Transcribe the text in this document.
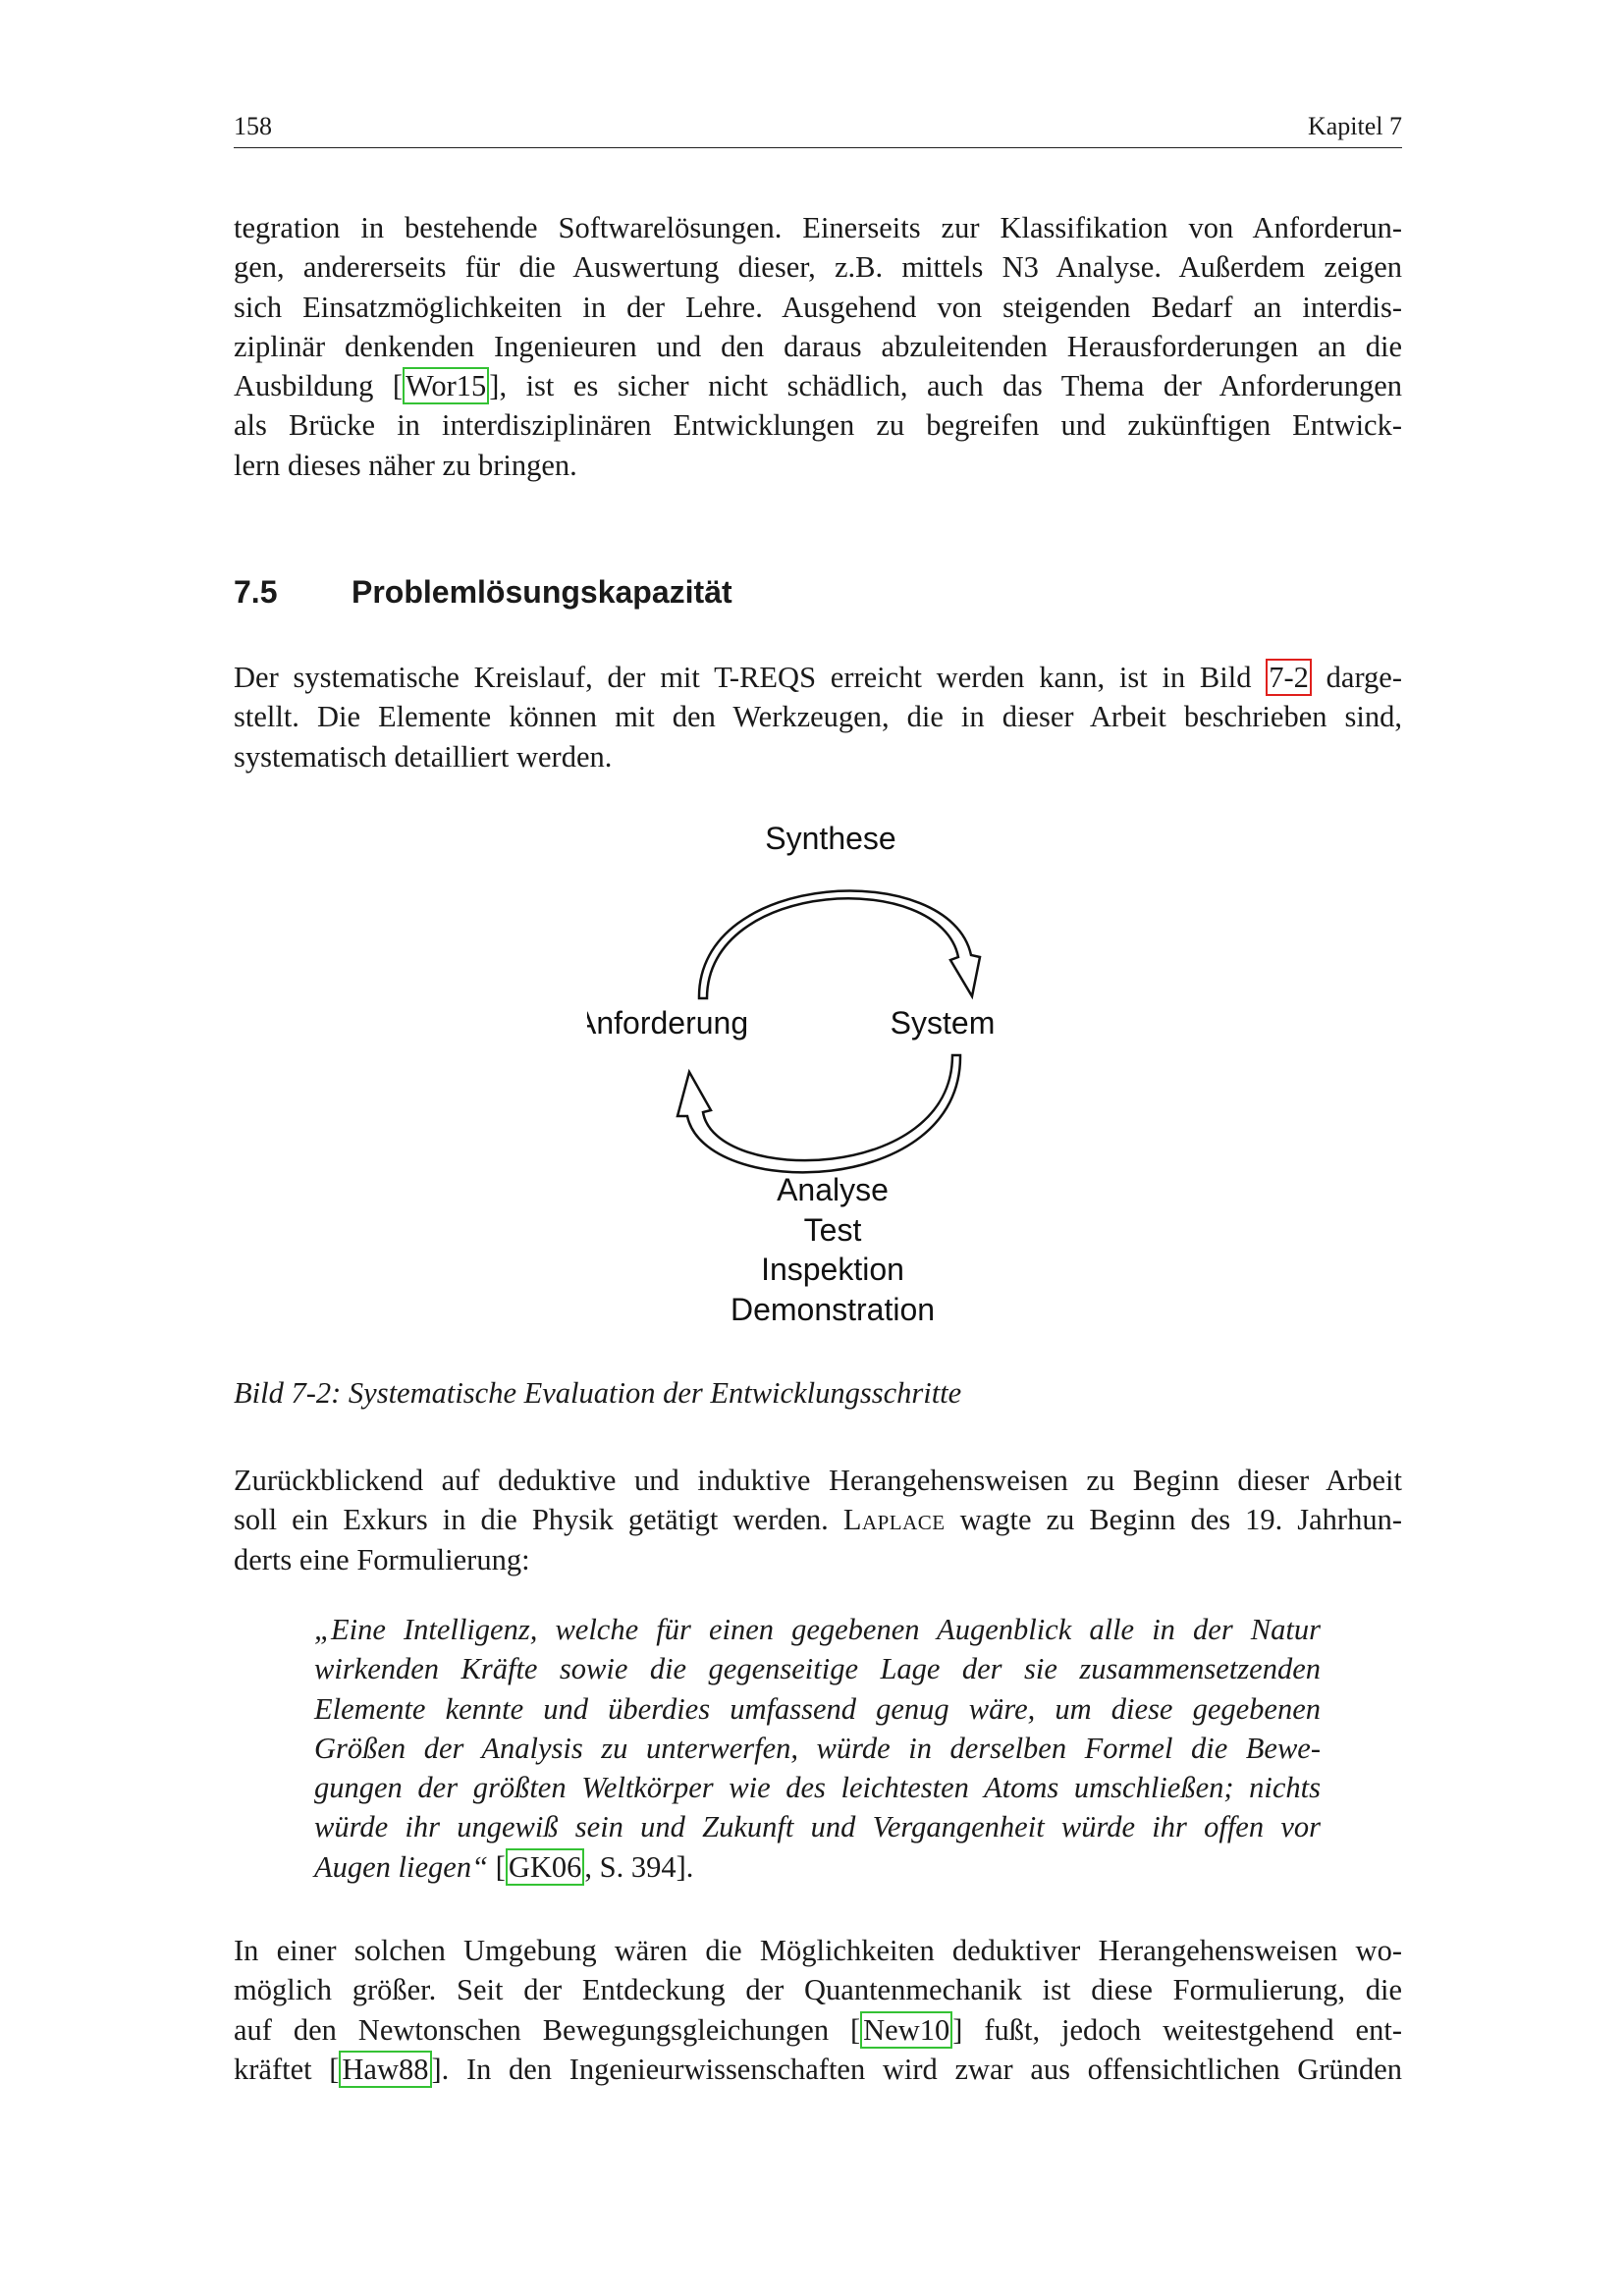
158	Kapitel 7

tegration in bestehende Softwarelösungen. Einerseits zur Klassifikation von Anforderun-
gen, andererseits für die Auswertung dieser, z.B. mittels N3 Analyse. Außerdem zeigen
sich Einsatzmöglichkeiten in der Lehre. Ausgehend von steigenden Bedarf an interdis-
ziplinär denkenden Ingenieuren und den daraus abzuleitenden Herausforderungen an die
Ausbildung [Wor15], ist es sicher nicht schädlich, auch das Thema der Anforderungen
als Brücke in interdisziplinären Entwicklungen zu begreifen und zukünftigen Entwick-
lern dieses näher zu bringen.

7.5 Problemlösungskapazität

Der systematische Kreislauf, der mit T-REQS erreicht werden kann, ist in Bild 7-2 darge-
stellt. Die Elemente können mit den Werkzeugen, die in dieser Arbeit beschrieben sind,
systematisch detailliert werden.

Synthese
Anforderung	System
Analyse
Test
Inspektion
Demonstration
Bild 7-2: Systematische Evaluation der Entwicklungsschritte

Zurückblickend auf deduktive und induktive Herangehensweisen zu Beginn dieser Arbeit
soll ein Exkurs in die Physik getätigt werden. Laplace wagte zu Beginn des 19. Jahrhun-
derts eine Formulierung:

„Eine Intelligenz, welche für einen gegebenen Augenblick alle in der Natur
wirkenden Kräfte sowie die gegenseitige Lage der sie zusammensetzenden
Elemente kennte und überdies umfassend genug wäre, um diese gegebenen
Größen der Analysis zu unterwerfen, würde in derselben Formel die Bewe-
gungen der größten Weltkörper wie des leichtesten Atoms umschließen; nichts
würde ihr ungewiß sein und Zukunft und Vergangenheit würde ihr offen vor
Augen liegen“ [GK06, S. 394].

In einer solchen Umgebung wären die Möglichkeiten deduktiver Herangehensweisen wo-
möglich größer. Seit der Entdeckung der Quantenmechanik ist diese Formulierung, die
auf den Newtonschen Bewegungsgleichungen [New10] fußt, jedoch weitestgehend ent-
kräftet [Haw88]. In den Ingenieurwissenschaften wird zwar aus offensichtlichen Gründen
